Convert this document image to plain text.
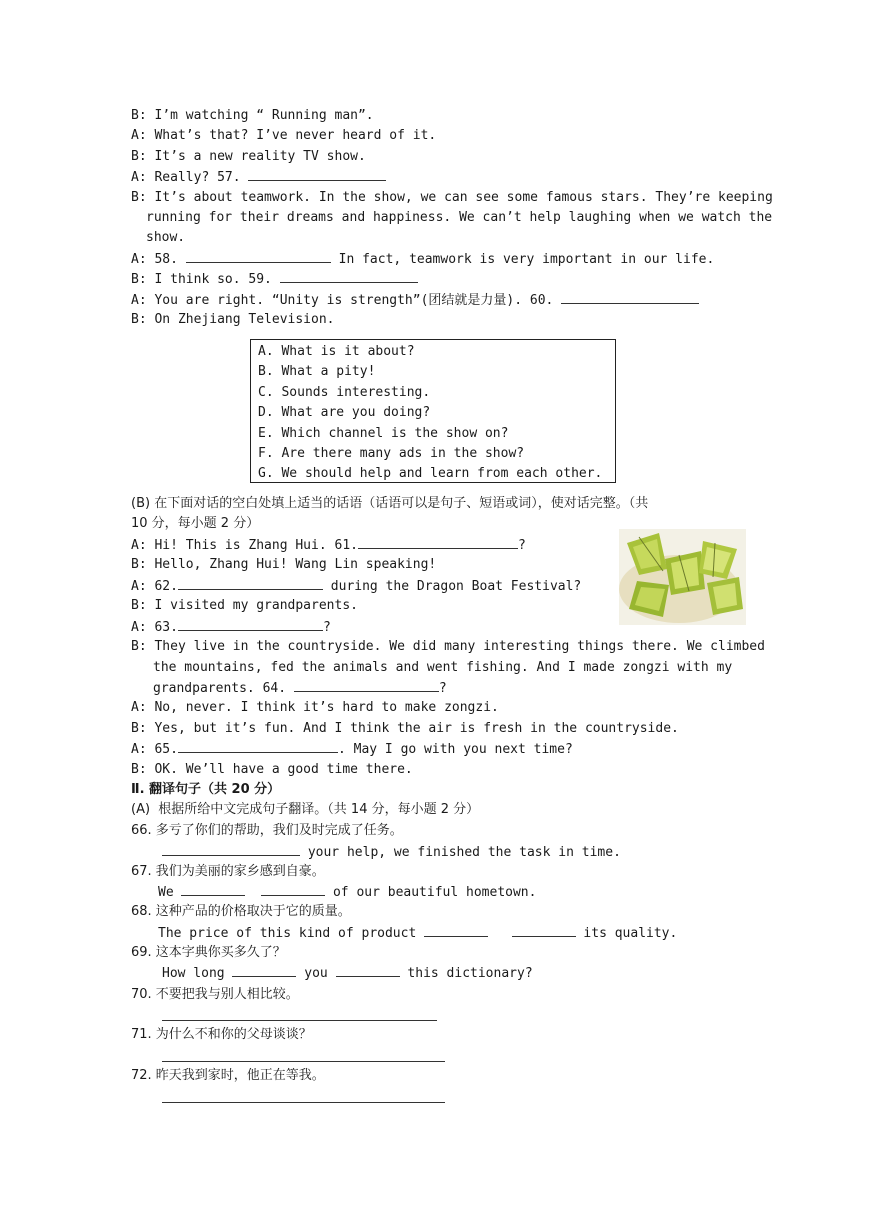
B: I’m watching “ Running man”.
A: What’s that? I’ve never heard of it.
B: It’s a new reality TV show.
A: Really? 57.
B: It’s about teamwork. In the show, we can see some famous stars. They’re keeping
running for their dreams and happiness. We can’t help laughing when we watch the
show.
A: 58.	In fact, teamwork is very important in our life.
B: I think so. 59.
A: You are right. “Unity is strength”(团结就是力量). 60.
B: On Zhejiang Television.
A. What is it about?
B. What a pity!
C. Sounds interesting.
D. What are you doing?
E. Which channel is the show on?
F. Are there many ads in the show?
G. We should help and learn from each other.
(B) 在下面对话的空白处填上适当的话语（话语可以是句子、短语或词），使对话完整。（共
10 分，每小题 2 分）
A: Hi! This is Zhang Hui. 61.	?
B: Hello, Zhang Hui! Wang Lin speaking!
A: 62.	during the Dragon Boat Festival?
B: I visited my grandparents.
A: 63.	?
B: They live in the countryside. We did many interesting things there. We climbed
the mountains, fed the animals and went fishing. And I made zongzi with my
grandparents. 64.	?
A: No, never. I think it’s hard to make zongzi.
B: Yes, but it’s fun. And I think the air is fresh in the countryside.
A: 65.	. May I go with you next time?
B: OK. We’ll have a good time there.
Ⅱ. 翻译句子（共 20 分）
(A)  根据所给中文完成句子翻译。（共 14 分，每小题 2 分）
66. 多亏了你们的帮助，我们及时完成了任务。
your help, we finished the task in time.
67. 我们为美丽的家乡感到自豪。
We	of our beautiful hometown.
68. 这种产品的价格取决于它的质量。
The price of this kind of product	its quality.
69. 这本字典你买多久了？
How long	you	this dictionary?
70. 不要把我与别人相比较。
71. 为什么不和你的父母谈谈？
72. 昨天我到家时，他正在等我。
